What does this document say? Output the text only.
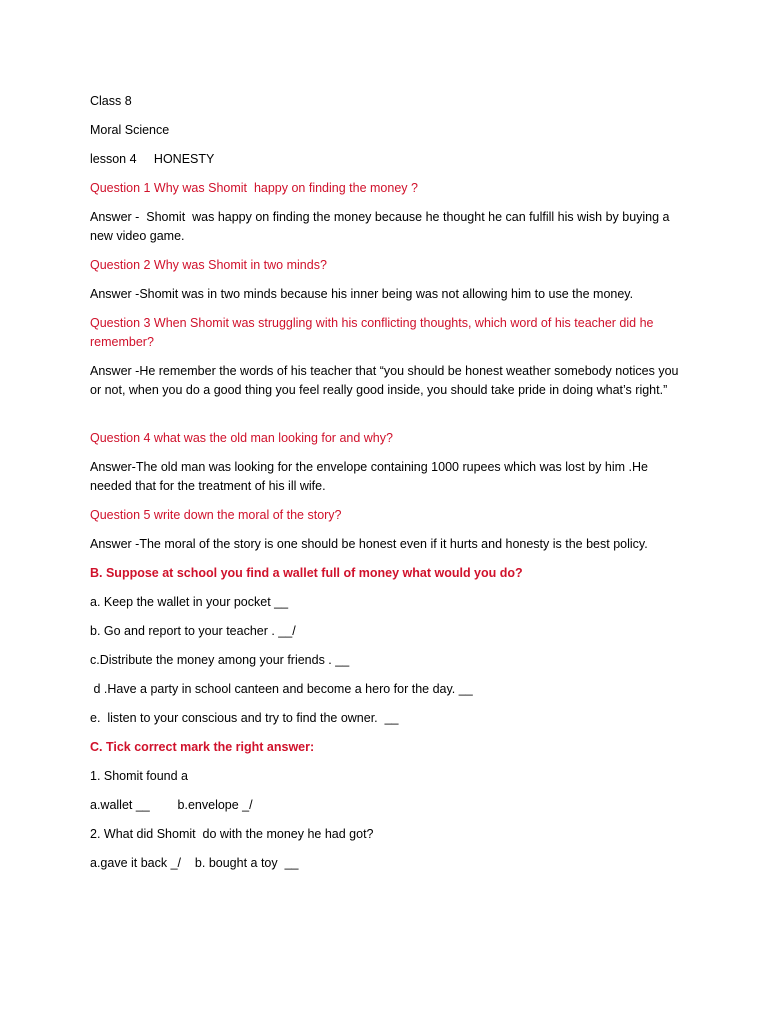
Class 8

Moral Science

lesson 4     HONESTY

Question 1 Why was Shomit  happy on finding the money ?

Answer -  Shomit  was happy on finding the money because he thought he can fulfill his wish by buying a new video game.

Question 2 Why was Shomit in two minds?

Answer -Shomit was in two minds because his inner being was not allowing him to use the money.

Question 3 When Shomit was struggling with his conflicting thoughts, which word of his teacher did he remember?

Answer -He remember the words of his teacher that “you should be honest weather somebody notices you or not, when you do a good thing you feel really good inside, you should take pride in doing what’s right.”

Question 4 what was the old man looking for and why?

Answer-The old man was looking for the envelope containing 1000 rupees which was lost by him .He needed that for the treatment of his ill wife.

Question 5 write down the moral of the story?

Answer -The moral of the story is one should be honest even if it hurts and honesty is the best policy.

B. Suppose at school you find a wallet full of money what would you do?

a. Keep the wallet in your pocket __

b. Go and report to your teacher . __/

c.Distribute the money among your friends . __

d .Have a party in school canteen and become a hero for the day. __

e.  listen to your conscious and try to find the owner.  __

C. Tick correct mark the right answer:

1. Shomit found a

a.wallet __        b.envelope _/

2. What did Shomit  do with the money he had got?

a.gave it back _/    b. bought a toy  __
